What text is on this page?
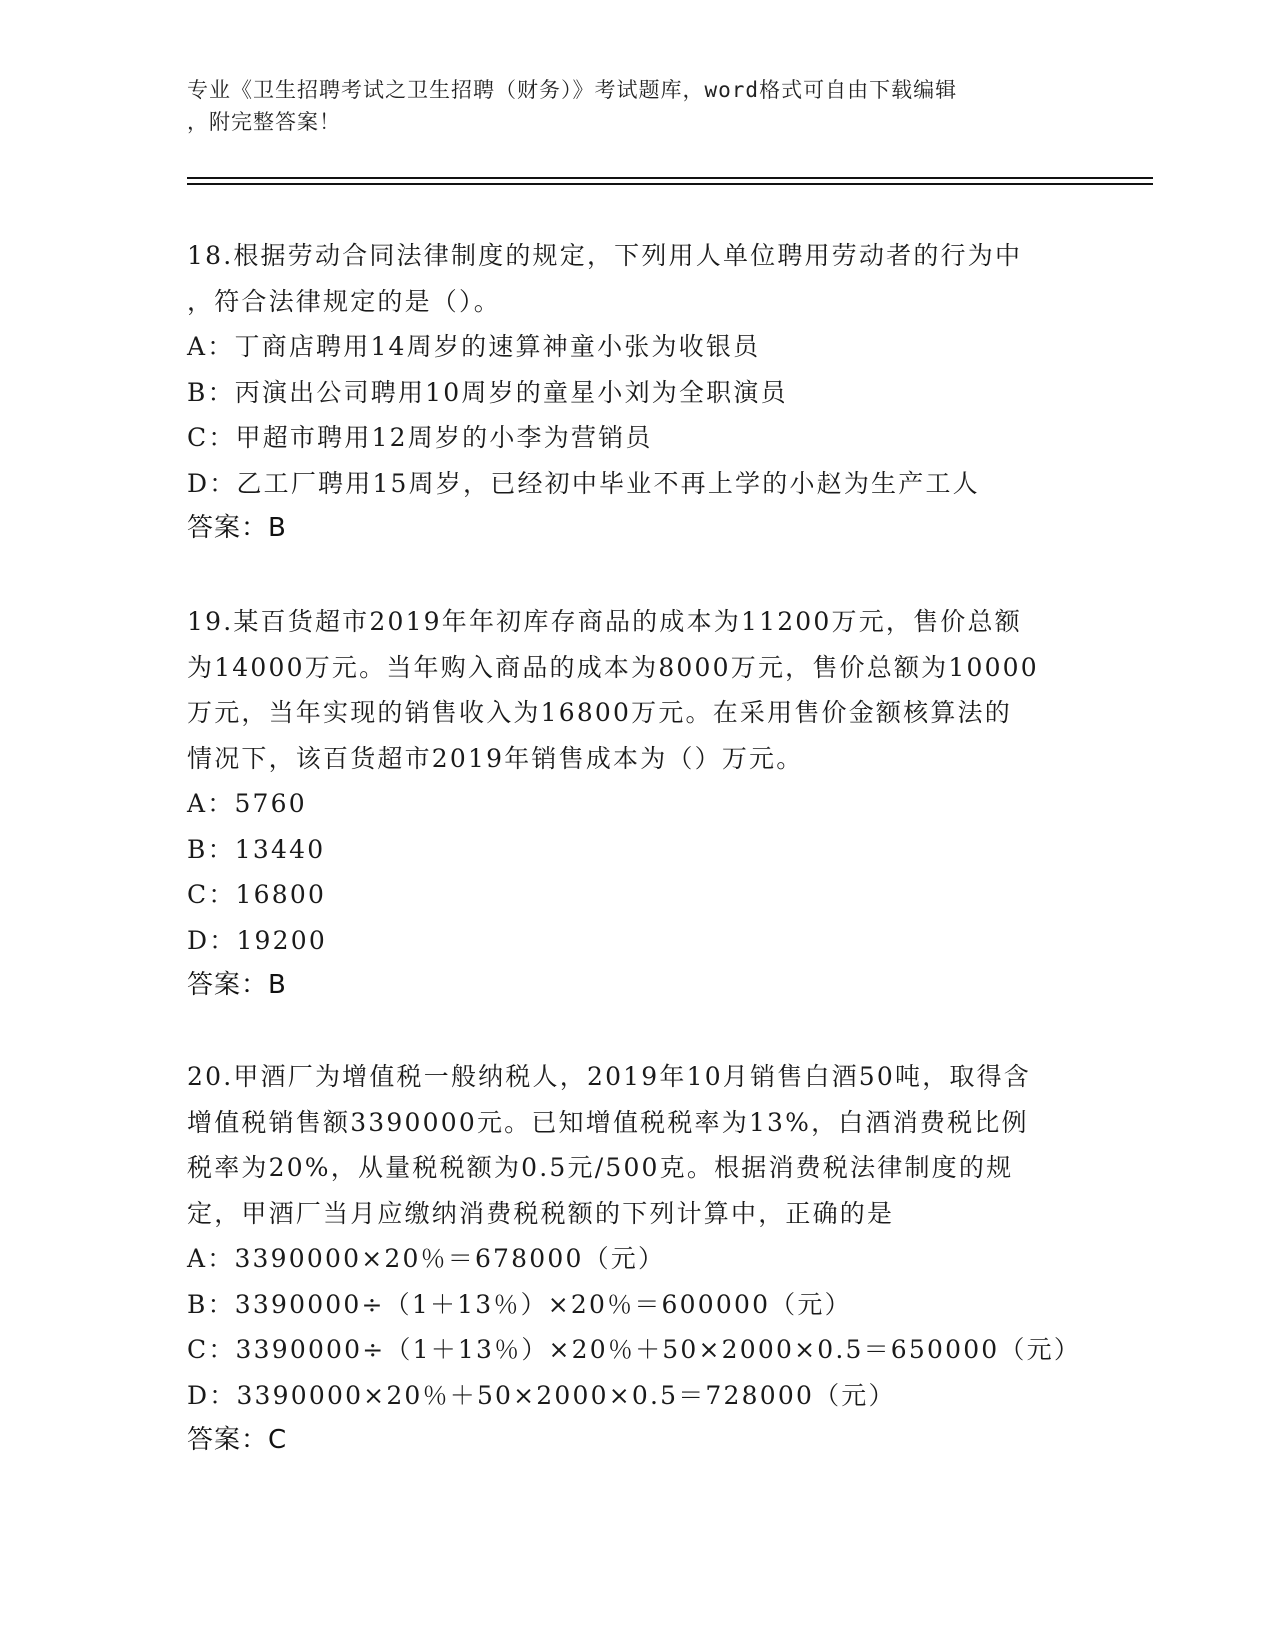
专业《卫生招聘考试之卫生招聘（财务）》考试题库，word格式可自由下载编辑
，附完整答案！
18.根据劳动合同法律制度的规定，下列用人单位聘用劳动者的行为中
，符合法律规定的是（）。
A：丁商店聘用14周岁的速算神童小张为收银员
B：丙演出公司聘用10周岁的童星小刘为全职演员
C：甲超市聘用12周岁的小李为营销员
D：乙工厂聘用15周岁，已经初中毕业不再上学的小赵为生产工人
答案：B
19.某百货超市2019年年初库存商品的成本为11200万元，售价总额
为14000万元。当年购入商品的成本为8000万元，售价总额为10000
万元，当年实现的销售收入为16800万元。在采用售价金额核算法的
情况下，该百货超市2019年销售成本为（）万元。
A：5760
B：13440
C：16800
D：19200
答案：B
20.甲酒厂为增值税一般纳税人，2019年10月销售白酒50吨，取得含
增值税销售额3390000元。已知增值税税率为13%，白酒消费税比例
税率为20%，从量税税额为0.5元/500克。根据消费税法律制度的规
定，甲酒厂当月应缴纳消费税税额的下列计算中，正确的是
A：3390000×20％＝678000（元）
B：3390000÷（1＋13％）×20％＝600000（元）
C：3390000÷（1＋13％）×20％＋50×2000×0.5＝650000（元）
D：3390000×20％＋50×2000×0.5＝728000（元）
答案：C
